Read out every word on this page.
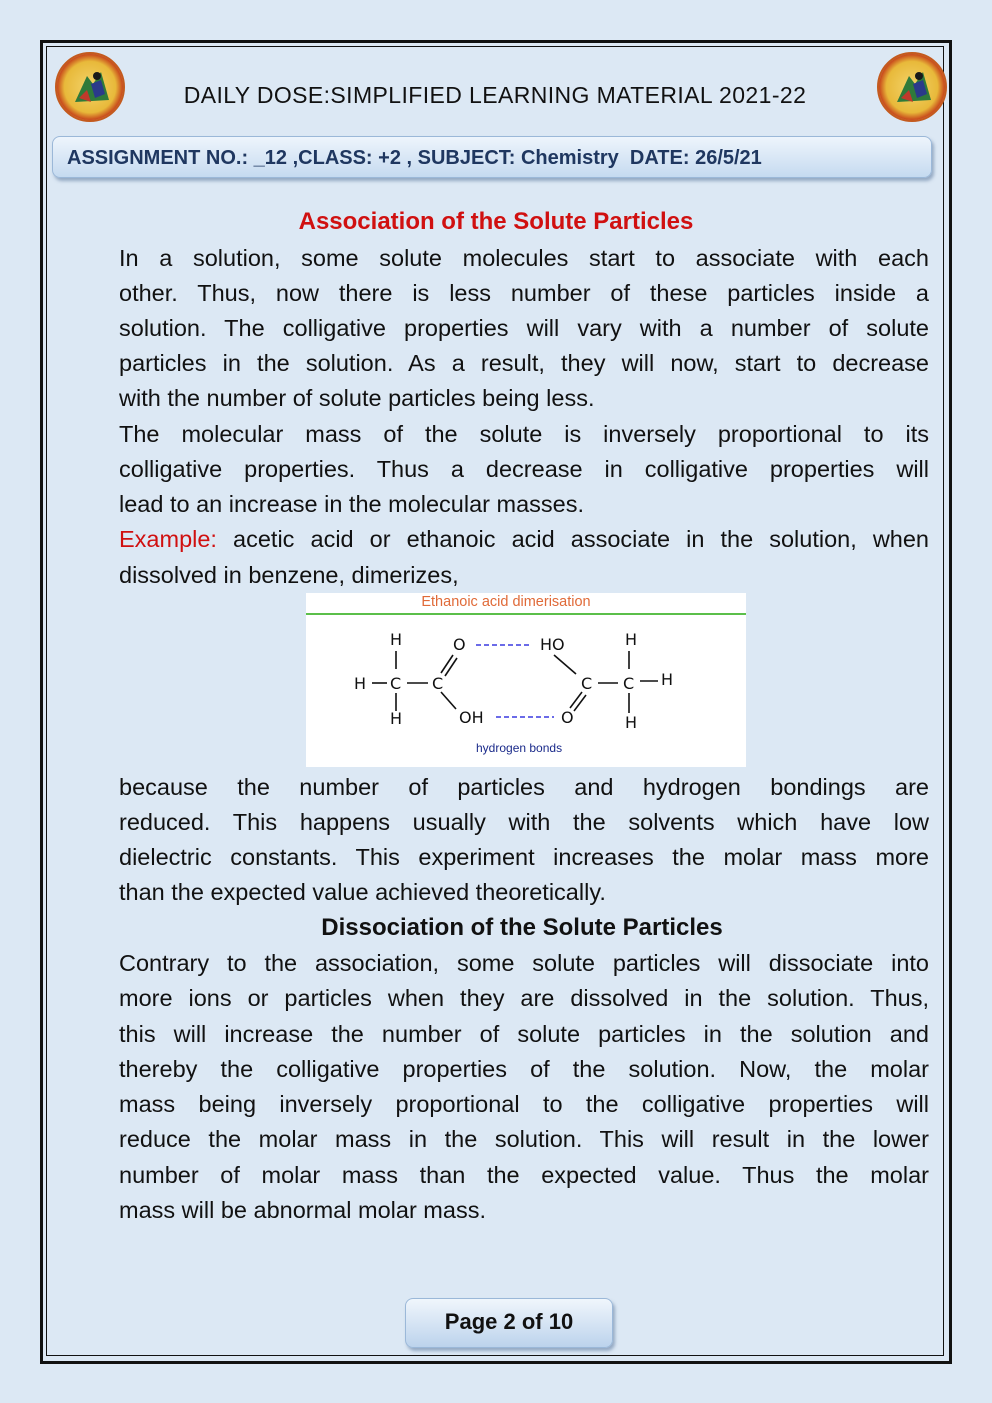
DAILY DOSE:SIMPLIFIED LEARNING MATERIAL 2021-22
ASSIGNMENT NO.: _12 ,CLASS: +2 , SUBJECT: Chemistry  DATE: 26/5/21
Association of the Solute Particles
In a solution, some solute molecules start to associate with each
other. Thus, now there is less number of these particles inside a
solution. The colligative properties will vary with a number of solute
particles in the solution. As a result, they will now, start to decrease
with the number of solute particles being less.
The molecular mass of the solute is inversely proportional to its
colligative properties. Thus a decrease in colligative properties will
lead to an increase in the molecular masses.
Example: acetic acid or ethanoic acid associate in the solution, when
dissolved in benzene, dimerizes,
Ethanoic acid dimerisation
H
H C
H
C
O
OH
HO
O
C C
H
H
H
hydrogen bonds
because the number of particles and hydrogen bondings are
reduced. This happens usually with the solvents which have low
dielectric constants. This experiment increases the molar mass more
than the expected value achieved theoretically.
Dissociation of the Solute Particles
Contrary to the association, some solute particles will dissociate into
more ions or particles when they are dissolved in the solution. Thus,
this will increase the number of solute particles in the solution and
thereby the colligative properties of the solution. Now, the molar
mass being inversely proportional to the colligative properties will
reduce the molar mass in the solution. This will result in the lower
number of molar mass than the expected value. Thus the molar
mass will be abnormal molar mass.
Page 2 of 10
